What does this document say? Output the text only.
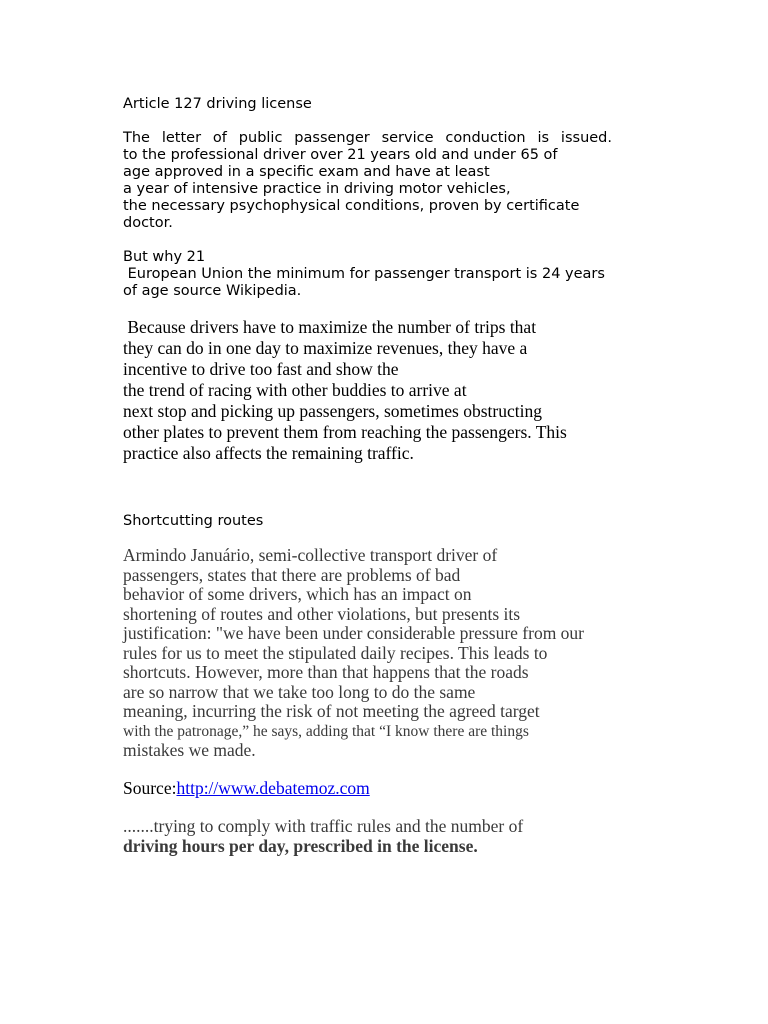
Article 127 driving license

The letter of public passenger service conduction is issued.
to the professional driver over 21 years old and under 65 of
age approved in a specific exam and have at least
a year of intensive practice in driving motor vehicles,
the necessary psychophysical conditions, proven by certificate
doctor.

But why 21
European Union the minimum for passenger transport is 24 years
of age source Wikipedia.

Because drivers have to maximize the number of trips that
they can do in one day to maximize revenues, they have a
incentive to drive too fast and show the
the trend of racing with other buddies to arrive at
next stop and picking up passengers, sometimes obstructing
other plates to prevent them from reaching the passengers. This
practice also affects the remaining traffic.

Shortcutting routes

Armindo Januário, semi-collective transport driver of
passengers, states that there are problems of bad
behavior of some drivers, which has an impact on
shortening of routes and other violations, but presents its
justification: "we have been under considerable pressure from our
rules for us to meet the stipulated daily recipes. This leads to
shortcuts. However, more than that happens that the roads
are so narrow that we take too long to do the same
meaning, incurring the risk of not meeting the agreed target
with the patronage,” he says, adding that “I know there are things
mistakes we made.

Source:http://www.debatemoz.com

.......trying to comply with traffic rules and the number of
driving hours per day, prescribed in the license.
